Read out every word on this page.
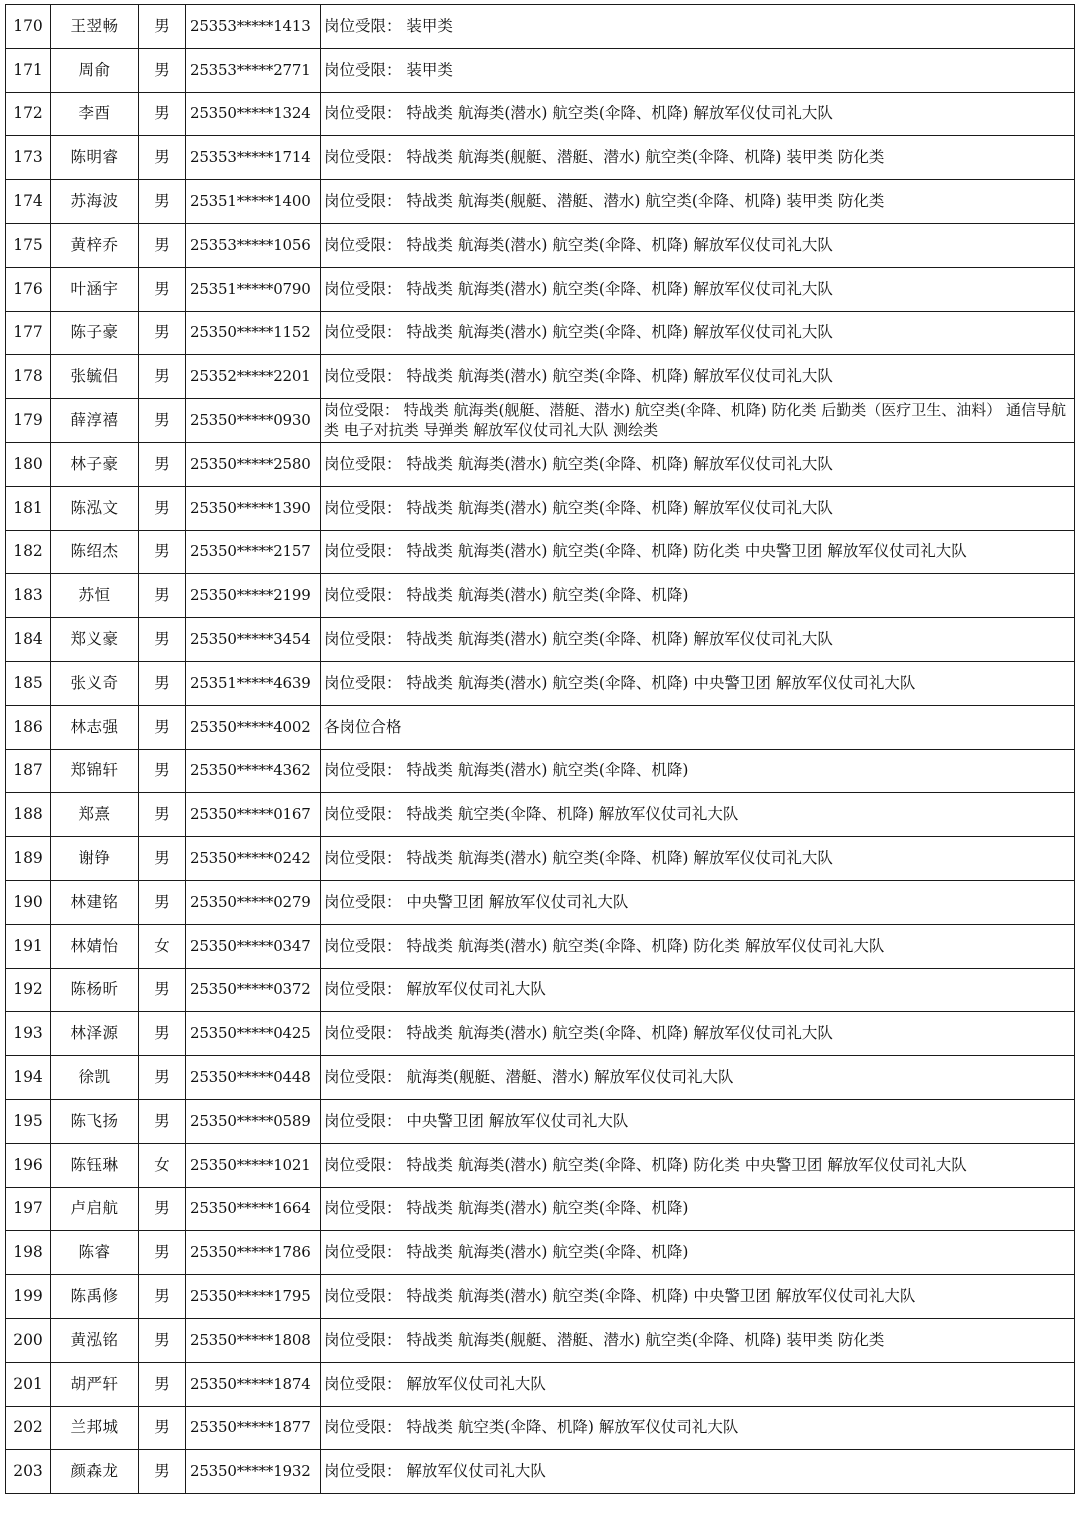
170	王翌畅	男	25353*****1413	岗位受限： 装甲类
171	周俞	男	25353*****2771	岗位受限： 装甲类
172	李酉	男	25350*****1324	岗位受限： 特战类 航海类(潜水) 航空类(伞降、机降) 解放军仪仗司礼大队
173	陈明睿	男	25353*****1714	岗位受限： 特战类 航海类(舰艇、潜艇、潜水) 航空类(伞降、机降) 装甲类 防化类
174	苏海波	男	25351*****1400	岗位受限： 特战类 航海类(舰艇、潜艇、潜水) 航空类(伞降、机降) 装甲类 防化类
175	黄梓乔	男	25353*****1056	岗位受限： 特战类 航海类(潜水) 航空类(伞降、机降) 解放军仪仗司礼大队
176	叶涵宇	男	25351*****0790	岗位受限： 特战类 航海类(潜水) 航空类(伞降、机降) 解放军仪仗司礼大队
177	陈子豪	男	25350*****1152	岗位受限： 特战类 航海类(潜水) 航空类(伞降、机降) 解放军仪仗司礼大队
178	张毓侣	男	25352*****2201	岗位受限： 特战类 航海类(潜水) 航空类(伞降、机降) 解放军仪仗司礼大队
179	薛淳禧	男	25350*****0930	岗位受限： 特战类 航海类(舰艇、潜艇、潜水) 航空类(伞降、机降) 防化类 后勤类（医疗卫生、油料） 通信导航类 电子对抗类 导弹类 解放军仪仗司礼大队 测绘类
180	林子豪	男	25350*****2580	岗位受限： 特战类 航海类(潜水) 航空类(伞降、机降) 解放军仪仗司礼大队
181	陈泓文	男	25350*****1390	岗位受限： 特战类 航海类(潜水) 航空类(伞降、机降) 解放军仪仗司礼大队
182	陈绍杰	男	25350*****2157	岗位受限： 特战类 航海类(潜水) 航空类(伞降、机降) 防化类 中央警卫团 解放军仪仗司礼大队
183	苏恒	男	25350*****2199	岗位受限： 特战类 航海类(潜水) 航空类(伞降、机降)
184	郑义豪	男	25350*****3454	岗位受限： 特战类 航海类(潜水) 航空类(伞降、机降) 解放军仪仗司礼大队
185	张义奇	男	25351*****4639	岗位受限： 特战类 航海类(潜水) 航空类(伞降、机降) 中央警卫团 解放军仪仗司礼大队
186	林志强	男	25350*****4002	各岗位合格
187	郑锦轩	男	25350*****4362	岗位受限： 特战类 航海类(潜水) 航空类(伞降、机降)
188	郑熹	男	25350*****0167	岗位受限： 特战类 航空类(伞降、机降) 解放军仪仗司礼大队
189	谢铮	男	25350*****0242	岗位受限： 特战类 航海类(潜水) 航空类(伞降、机降) 解放军仪仗司礼大队
190	林建铭	男	25350*****0279	岗位受限： 中央警卫团 解放军仪仗司礼大队
191	林婧怡	女	25350*****0347	岗位受限： 特战类 航海类(潜水) 航空类(伞降、机降) 防化类 解放军仪仗司礼大队
192	陈杨昕	男	25350*****0372	岗位受限： 解放军仪仗司礼大队
193	林泽源	男	25350*****0425	岗位受限： 特战类 航海类(潜水) 航空类(伞降、机降) 解放军仪仗司礼大队
194	徐凯	男	25350*****0448	岗位受限： 航海类(舰艇、潜艇、潜水) 解放军仪仗司礼大队
195	陈飞扬	男	25350*****0589	岗位受限： 中央警卫团 解放军仪仗司礼大队
196	陈钰琳	女	25350*****1021	岗位受限： 特战类 航海类(潜水) 航空类(伞降、机降) 防化类 中央警卫团 解放军仪仗司礼大队
197	卢启航	男	25350*****1664	岗位受限： 特战类 航海类(潜水) 航空类(伞降、机降)
198	陈睿	男	25350*****1786	岗位受限： 特战类 航海类(潜水) 航空类(伞降、机降)
199	陈禹修	男	25350*****1795	岗位受限： 特战类 航海类(潜水) 航空类(伞降、机降) 中央警卫团 解放军仪仗司礼大队
200	黄泓铭	男	25350*****1808	岗位受限： 特战类 航海类(舰艇、潜艇、潜水) 航空类(伞降、机降) 装甲类 防化类
201	胡严轩	男	25350*****1874	岗位受限： 解放军仪仗司礼大队
202	兰邦城	男	25350*****1877	岗位受限： 特战类 航空类(伞降、机降) 解放军仪仗司礼大队
203	颜森龙	男	25350*****1932	岗位受限： 解放军仪仗司礼大队
